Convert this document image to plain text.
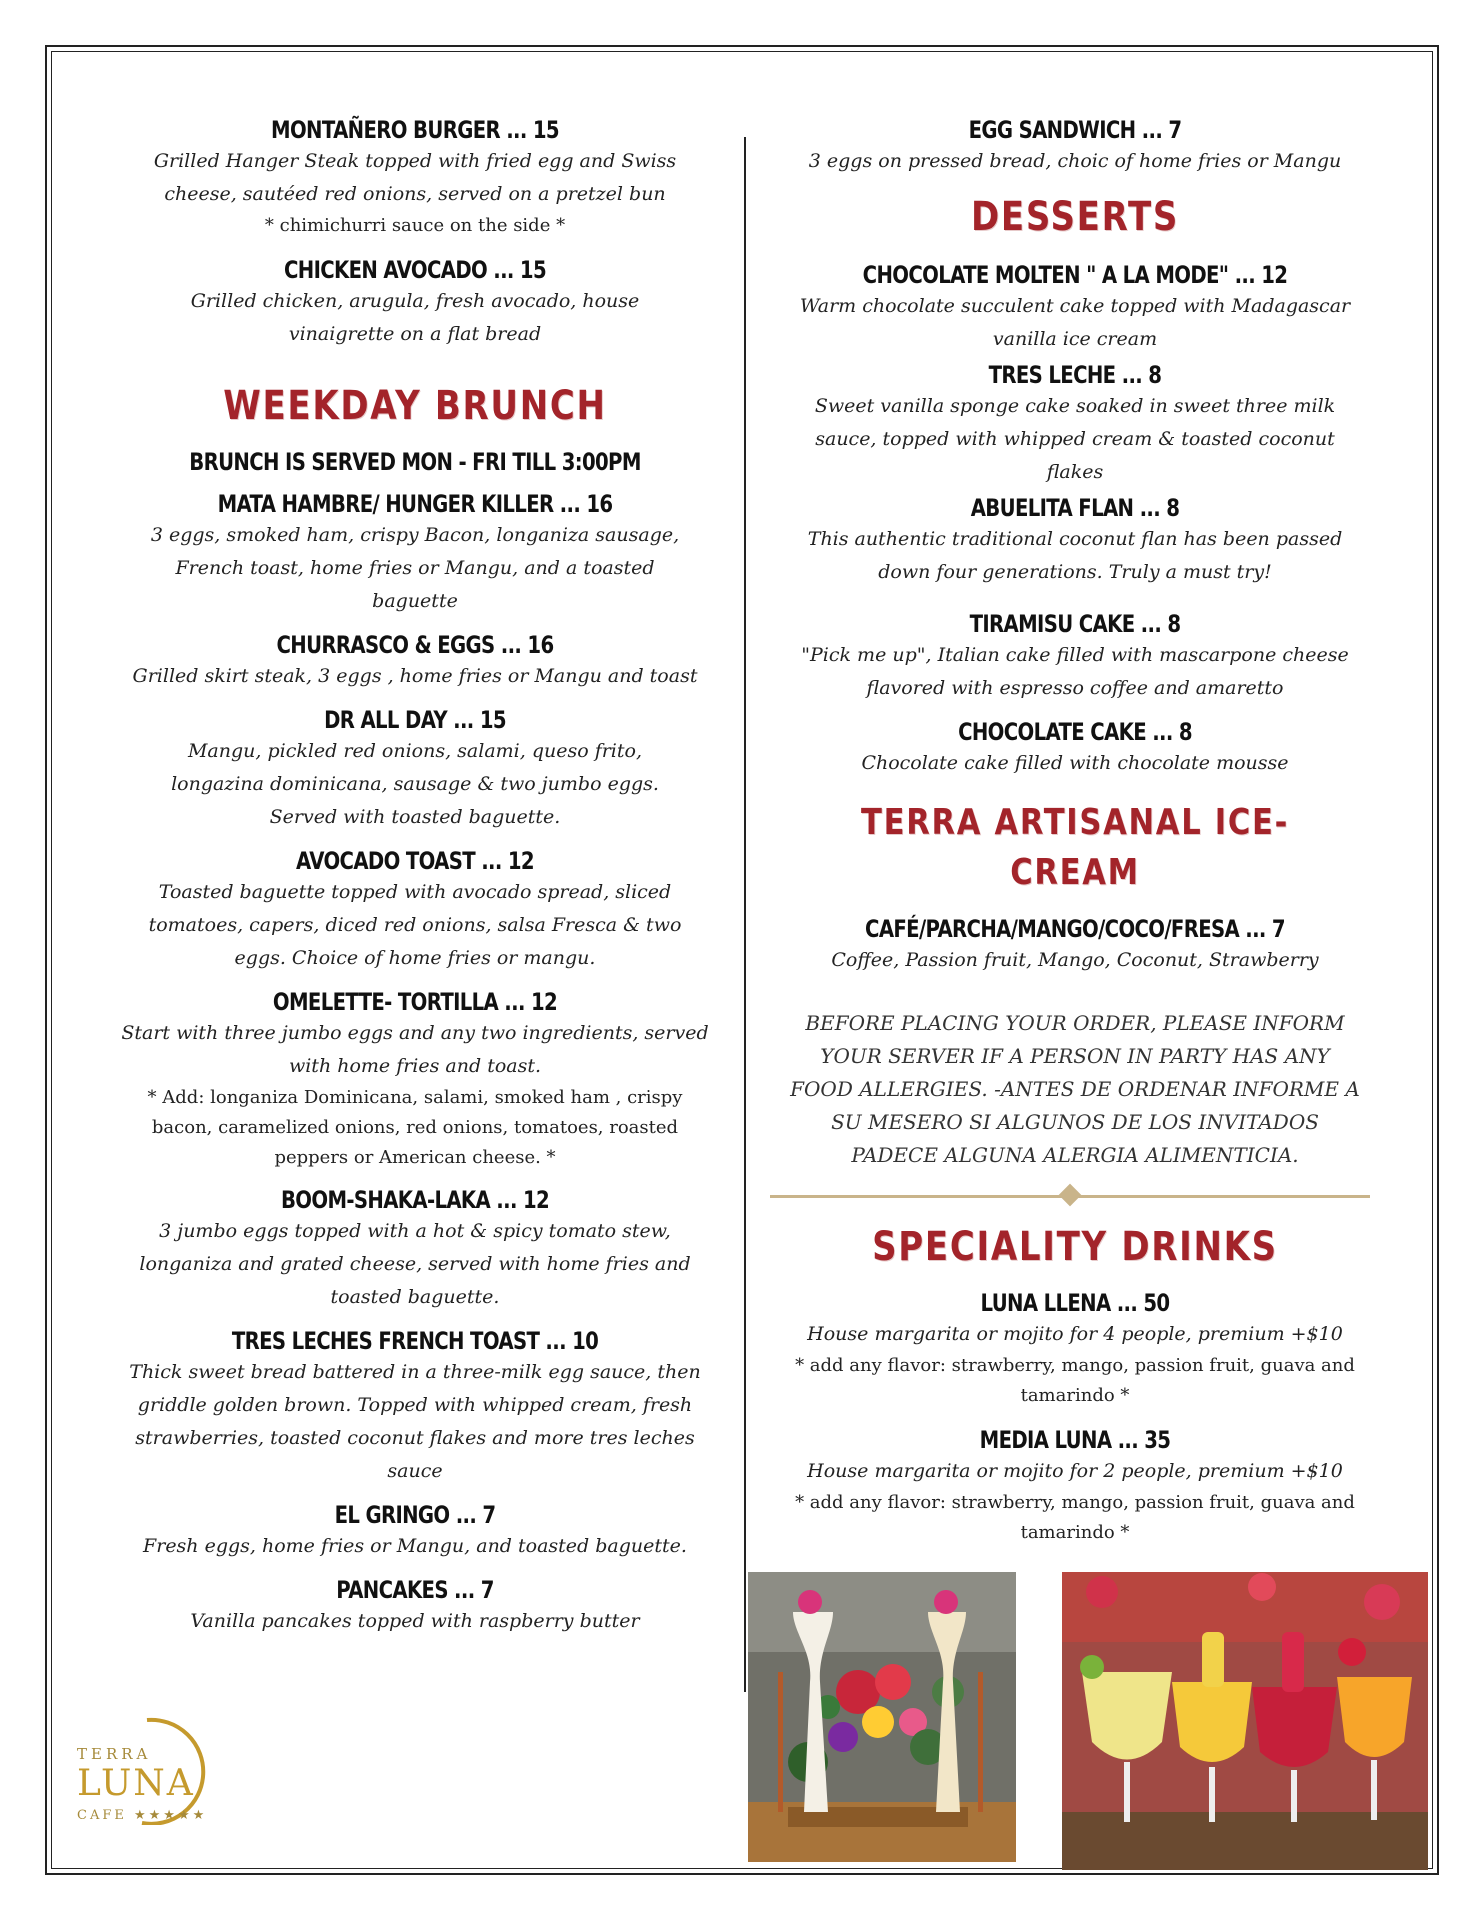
MONTAÑERO BURGER ... 15
Grilled Hanger Steak topped with fried egg and Swiss cheese, sautéed red onions, served on a pretzel bun
* chimichurri sauce on the side *
CHICKEN AVOCADO ... 15
Grilled chicken, arugula, fresh avocado, house vinaigrette on a flat bread
WEEKDAY BRUNCH
BRUNCH IS SERVED MON - FRI TILL 3:00PM
MATA HAMBRE/ HUNGER KILLER ... 16
3 eggs, smoked ham, crispy Bacon, longaniza sausage, French toast, home fries or Mangu, and a toasted baguette
CHURRASCO & EGGS ... 16
Grilled skirt steak, 3 eggs , home fries or Mangu and toast
DR ALL DAY ... 15
Mangu, pickled red onions, salami, queso frito, longazina dominicana, sausage & two jumbo eggs. Served with toasted baguette.
AVOCADO TOAST ... 12
Toasted baguette topped with avocado spread, sliced tomatoes, capers, diced red onions, salsa Fresca & two eggs. Choice of home fries or mangu.
OMELETTE- TORTILLA ... 12
Start with three jumbo eggs and any two ingredients, served with home fries and toast.
* Add: longaniza Dominicana, salami, smoked ham , crispy bacon, caramelized onions, red onions, tomatoes, roasted peppers or American cheese. *
BOOM-SHAKA-LAKA ... 12
3 jumbo eggs topped with a hot & spicy tomato stew, longaniza and grated cheese, served with home fries and toasted baguette.
TRES LECHES FRENCH TOAST ... 10
Thick sweet bread battered in a three-milk egg sauce, then griddle golden brown. Topped with whipped cream, fresh strawberries, toasted coconut flakes and more tres leches sauce
EL GRINGO ... 7
Fresh eggs, home fries or Mangu, and toasted baguette.
PANCAKES ... 7
Vanilla pancakes topped with raspberry butter
EGG SANDWICH ... 7
3 eggs on pressed bread, choic of home fries or Mangu
DESSERTS
CHOCOLATE MOLTEN " A LA MODE" ... 12
Warm chocolate succulent cake topped with Madagascar vanilla ice cream
TRES LECHE ... 8
Sweet vanilla sponge cake soaked in sweet three milk sauce, topped with whipped cream & toasted coconut flakes
ABUELITA FLAN ... 8
This authentic traditional coconut flan has been passed down four generations. Truly a must try!
TIRAMISU CAKE ... 8
"Pick me up", Italian cake filled with mascarpone cheese flavored with espresso coffee and amaretto
CHOCOLATE CAKE ... 8
Chocolate cake filled with chocolate mousse
TERRA ARTISANAL ICE-CREAM
CAFÉ/PARCHA/MANGO/COCO/FRESA ... 7
Coffee, Passion fruit, Mango, Coconut, Strawberry
BEFORE PLACING YOUR ORDER, PLEASE INFORM YOUR SERVER IF A PERSON IN PARTY HAS ANY FOOD ALLERGIES. -ANTES DE ORDENAR INFORME A SU MESERO SI ALGUNOS DE LOS INVITADOS PADECE ALGUNA ALERGIA ALIMENTICIA.
SPECIALITY DRINKS
LUNA LLENA ... 50
House margarita or mojito for 4 people, premium +$10
* add any flavor: strawberry, mango, passion fruit, guava and tamarindo *
MEDIA LUNA ... 35
House margarita or mojito for 2 people, premium +$10
* add any flavor: strawberry, mango, passion fruit, guava and tamarindo *
TERRA
LUNA
CAFE ★★★★★
